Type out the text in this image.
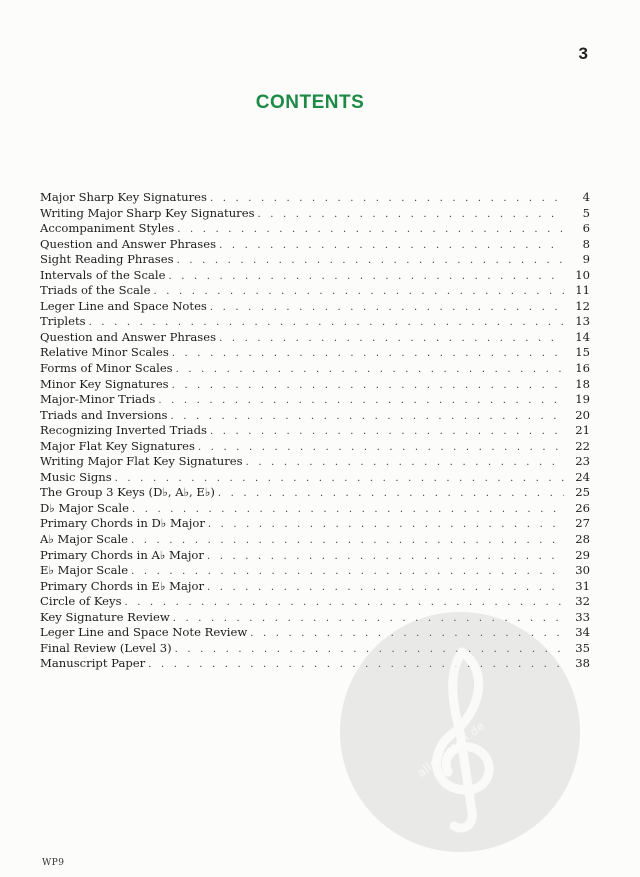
3
CONTENTS
Major Sharp Key Signatures . . .	4
Writing Major Sharp Key Signatures . . .	5
Accompaniment Styles . . .	6
Question and Answer Phrases . . .	8
Sight Reading Phrases . . .	9
Intervals of the Scale . . .	10
Triads of the Scale . . .	11
Leger Line and Space Notes . . .	12
Triplets . . .	13
Question and Answer Phrases . . .	14
Relative Minor Scales . . .	15
Forms of Minor Scales . . .	16
Minor Key Signatures . . .	18
Major-Minor Triads . . .	19
Triads and Inversions . . .	20
Recognizing Inverted Triads . . .	21
Major Flat Key Signatures . . .	22
Writing Major Flat Key Signatures . . .	23
Music Signs . . .	24
The Group 3 Keys (D♭, A♭, E♭) . . .	25
D♭ Major Scale . . .	26
Primary Chords in D♭ Major . . .	27
A♭ Major Scale . . .	28
Primary Chords in A♭ Major . . .	29
E♭ Major Scale . . .	30
Primary Chords in E♭ Major . . .	31
Circle of Keys . . .	32
Key Signature Review . . .	33
Leger Line and Space Note Review . . .	34
Final Review (Level 3) . . .	35
Manuscript Paper . . .	38
alle-noten.de
WP9
